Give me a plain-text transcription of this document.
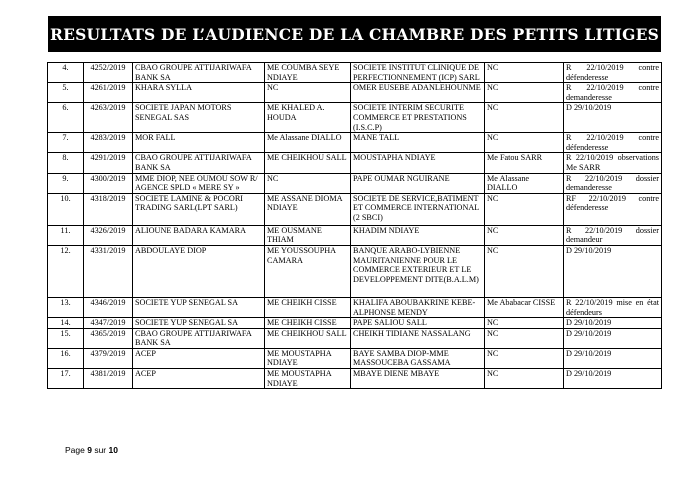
RESULTATS DE L’AUDIENCE DE LA CHAMBRE DES PETITS LITIGES
4.	4252/2019	CBAO GROUPE ATTIJARIWAFA BANK SA	ME COUMBA SEYE NDIAYE	SOCIETE INSTITUT CLINIQUE DE PERFECTIONNEMENT (ICP) SARL	NC	R 22/10/2019 contre défenderesse
5.	4261/2019	KHARA SYLLA	NC	OMER EUSEBE ADANLEHOUNME	NC	R 22/10/2019 contre demanderesse
6.	4263/2019	SOCIETE JAPAN MOTORS SENEGAL SAS	ME KHALED A. HOUDA	SOCIETE INTERIM SECURITE COMMERCE ET PRESTATIONS (I.S.C.P)	NC	D 29/10/2019
7.	4283/2019	MOR FALL	Me Alassane DIALLO	MANE TALL	NC	R 22/10/2019 contre défenderesse
8.	4291/2019	CBAO GROUPE ATTIJARIWAFA BANK SA	ME CHEIKHOU SALL	MOUSTAPHA NDIAYE	Me Fatou SARR	R 22/10/2019 observations Me SARR
9.	4300/2019	MME DIOP, NEE OUMOU SOW R/ AGENCE SPLD « MERE SY »	NC	PAPE OUMAR NGUIRANE	Me Alassane DIALLO	R 22/10/2019 dossier demanderesse
10.	4318/2019	SOCIETE LAMINE & POCORI TRADING SARL(LPT SARL)	ME ASSANE DIOMA NDIAYE	SOCIETE DE SERVICE,BATIMENT ET COMMERCE INTERNATIONAL (2 SBCI)	NC	RF 22/10/2019 contre défenderesse
11.	4326/2019	ALIOUNE BADARA KAMARA	ME OUSMANE THIAM	KHADIM NDIAYE	NC	R 22/10/2019 dossier demandeur
12.	4331/2019	ABDOULAYE DIOP	ME YOUSSOUPHA CAMARA	BANQUE ARABO-LYBIENNE MAURITANIENNE POUR LE COMMERCE EXTERIEUR ET LE DEVELOPPEMENT DITE(B.A.L.M)	NC	D 29/10/2019
13.	4346/2019	SOCIETE YUP SENEGAL SA	ME CHEIKH CISSE	KHALIFA ABOUBAKRINE KEBE-ALPHONSE MENDY	Me Ababacar CISSE	R 22/10/2019 mise en état défendeurs
14.	4347/2019	SOCIETE YUP SENEGAL SA	ME CHEIKH CISSE	PAPE SALIOU SALL	NC	D 29/10/2019
15.	4365/2019	CBAO GROUPE ATTIJARIWAFA BANK SA	ME CHEIKHOU SALL	CHEIKH TIDIANE NASSALANG	NC	D 29/10/2019
16.	4379/2019	ACEP	ME MOUSTAPHA NDIAYE	BAYE SAMBA DIOP-MME MASSOUCEBA GASSAMA	NC	D 29/10/2019
17.	4381/2019	ACEP	ME MOUSTAPHA NDIAYE	MBAYE DIENE MBAYE	NC	D 29/10/2019
Page 9 sur 10
